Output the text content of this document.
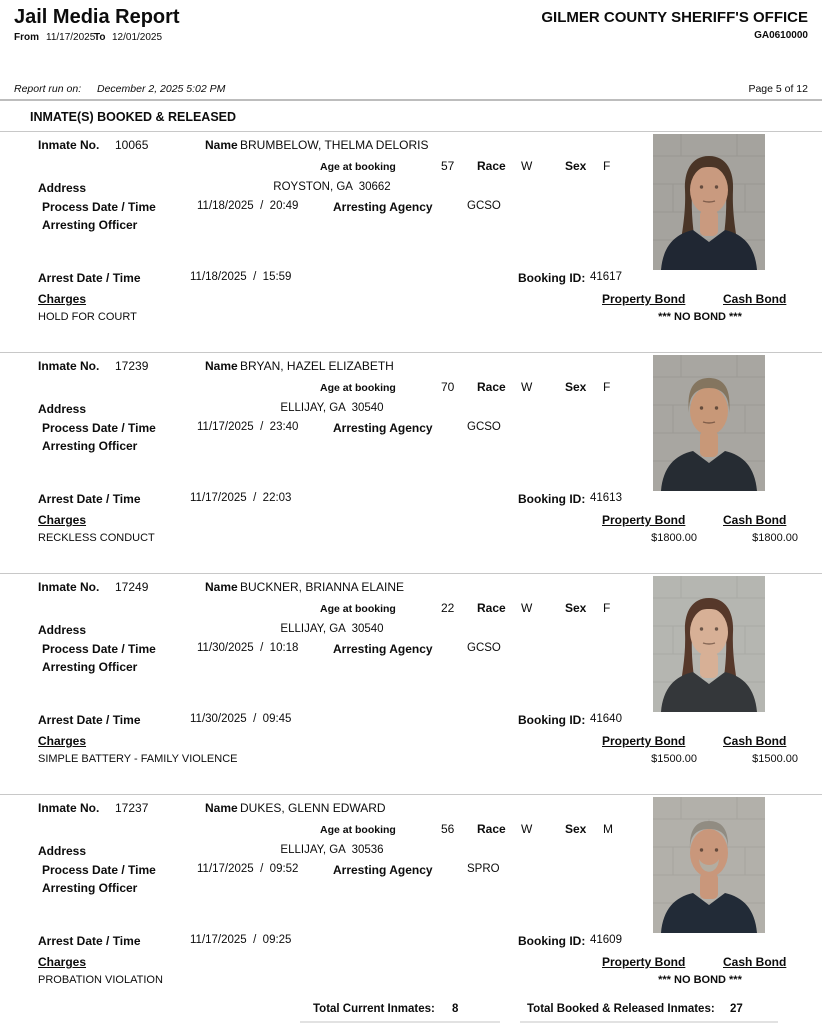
Jail Media Report	GILMER COUNTY SHERIFF'S OFFICE
From 11/17/2025
To 12/01/2025	GA0610000
Report run on: December 2, 2025 5:02 PM	Page 5 of 12
INMATE(S) BOOKED & RELEASED
Inmate No. 10065	Name BRUMBELOW, THELMA DELORIS
Age at booking	57 Race W	Sex F
Address	ROYSTON, GA  30662
Process Date / Time	11/18/2025  /  20:49	Arresting Agency	GCSO
Arresting Officer
Arrest Date / Time	11/18/2025  /  15:59	Booking ID: 41617
Charges	Property Bond	Cash Bond
HOLD FOR COURT	*** NO BOND ***
Inmate No. 17239	Name BRYAN, HAZEL ELIZABETH
Age at booking	70 Race W	Sex F
Address	ELLIJAY, GA  30540
Process Date / Time	11/17/2025  /  23:40	Arresting Agency	GCSO
Arresting Officer
Arrest Date / Time	11/17/2025  /  22:03	Booking ID: 41613
Charges	Property Bond	Cash Bond
RECKLESS CONDUCT	$1800.00	$1800.00
Inmate No. 17249	Name BUCKNER, BRIANNA ELAINE
Age at booking	22 Race W	Sex F
Address	ELLIJAY, GA  30540
Process Date / Time	11/30/2025  /  10:18	Arresting Agency	GCSO
Arresting Officer
Arrest Date / Time	11/30/2025  /  09:45	Booking ID: 41640
Charges	Property Bond	Cash Bond
SIMPLE BATTERY - FAMILY VIOLENCE	$1500.00	$1500.00
Inmate No. 17237	Name DUKES, GLENN EDWARD
Age at booking	56 Race W	Sex M
Address	ELLIJAY, GA  30536
Process Date / Time	11/17/2025  /  09:52	Arresting Agency	SPRO
Arresting Officer
Arrest Date / Time	11/17/2025  /  09:25	Booking ID: 41609
Charges	Property Bond	Cash Bond
PROBATION VIOLATION	*** NO BOND ***
Total Current Inmates: 8	Total Booked & Released Inmates: 27
